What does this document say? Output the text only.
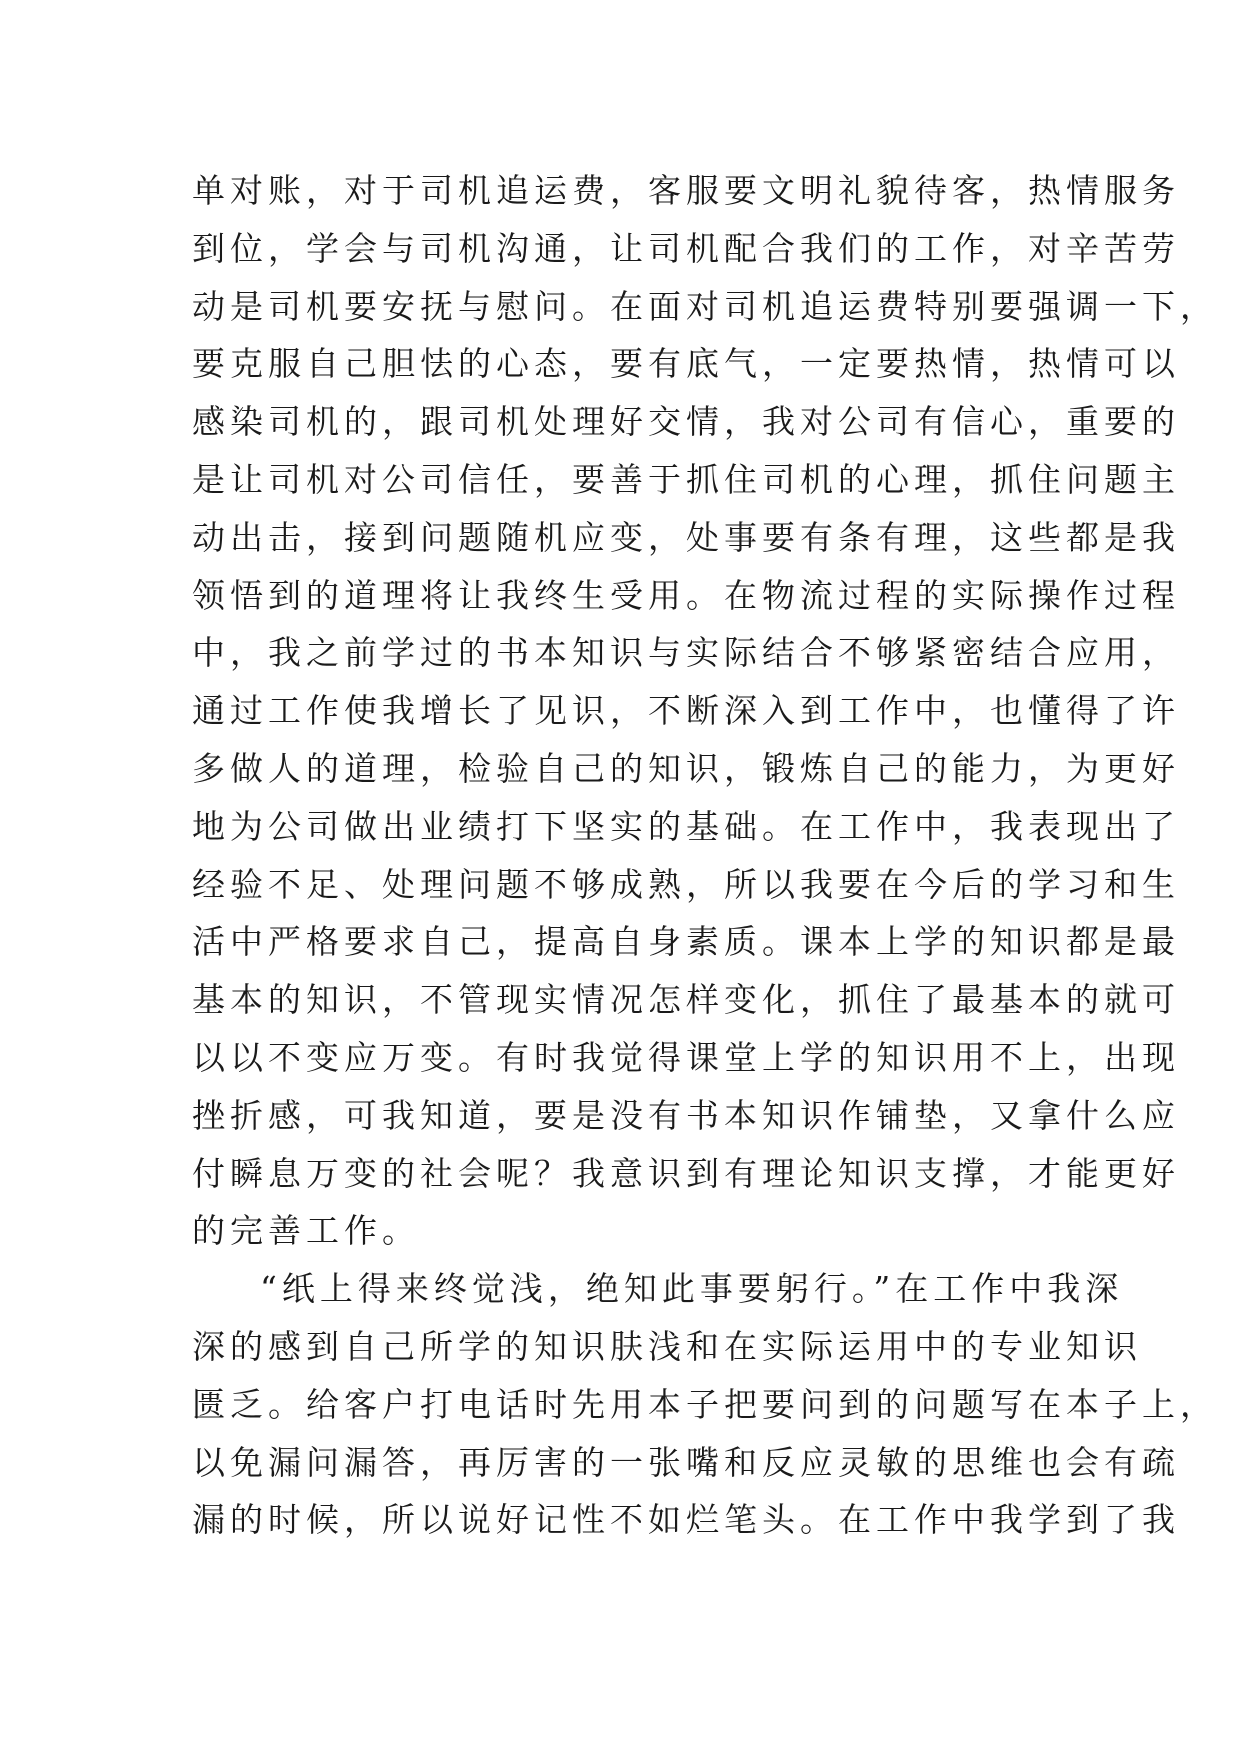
单对账，对于司机追运费，客服要文明礼貌待客，热情服务
到位，学会与司机沟通，让司机配合我们的工作，对辛苦劳
动是司机要安抚与慰问。在面对司机追运费特别要强调一下，
要克服自己胆怯的心态，要有底气，一定要热情，热情可以
感染司机的，跟司机处理好交情，我对公司有信心，重要的
是让司机对公司信任，要善于抓住司机的心理，抓住问题主
动出击，接到问题随机应变，处事要有条有理，这些都是我
领悟到的道理将让我终生受用。在物流过程的实际操作过程
中，我之前学过的书本知识与实际结合不够紧密结合应用，
通过工作使我增长了见识，不断深入到工作中，也懂得了许
多做人的道理，检验自己的知识，锻炼自己的能力，为更好
地为公司做出业绩打下坚实的基础。在工作中，我表现出了
经验不足、处理问题不够成熟，所以我要在今后的学习和生
活中严格要求自己，提高自身素质。课本上学的知识都是最
基本的知识，不管现实情况怎样变化，抓住了最基本的就可
以以不变应万变。有时我觉得课堂上学的知识用不上，出现
挫折感，可我知道，要是没有书本知识作铺垫，又拿什么应
付瞬息万变的社会呢？我意识到有理论知识支撑，才能更好
的完善工作。
“纸上得来终觉浅，绝知此事要躬行。”在工作中我深
深的感到自己所学的知识肤浅和在实际运用中的专业知识
匮乏。给客户打电话时先用本子把要问到的问题写在本子上，
以免漏问漏答，再厉害的一张嘴和反应灵敏的思维也会有疏
漏的时候，所以说好记性不如烂笔头。在工作中我学到了我
